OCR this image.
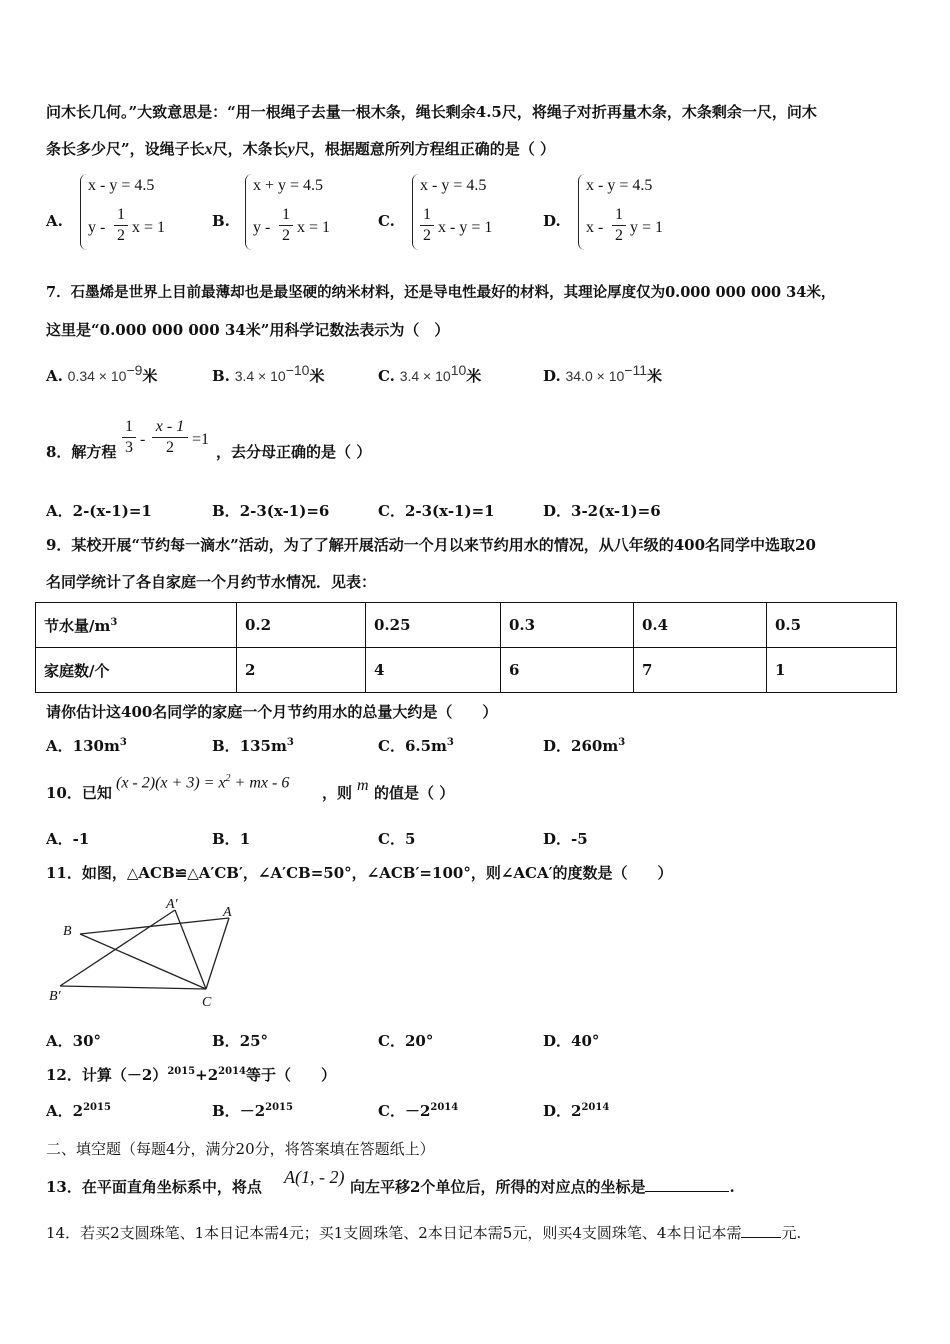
问木长几何。”大致意思是：“用一根绳子去量一根木条，绳长剩余4.5尺，将绳子对折再量木条，木条剩余一尺，问木
条长多少尺”，设绳子长x尺，木条长y尺，根据题意所列方程组正确的是（ ）
A.
x - y = 4.5
y -
1
2 x = 1	B.
x + y = 4.5
y -
1
2 x = 1	C.
x - y = 4.5
1
2 x - y = 1	D.
x - y = 4.5
x -
1
2 y = 1
7．石墨烯是世界上目前最薄却也是最坚硬的纳米材料，还是导电性最好的材料，其理论厚度仅为0.000 000 000 34米，
这里是“0.000 000 000 34米”用科学记数法表示为（　）
A. $0.34 \times 10^{-9}$米	B. $3.4 \times 10^{-10}$米	C. $3.4 \times 10^{10}$米	D. $34.0 \times 10^{-11}$米
8．解方程
1
3 -
x - 1
2	=1
，去分母正确的是（ ）
A．2-(x-1)=1	B．2-3(x-1)=6	C．2-3(x-1)=1	D．3-2(x-1)=6
9．某校开展“节约每一滴水”活动，为了了解开展活动一个月以来节约用水的情况，从八年级的400名同学中选取20
名同学统计了各自家庭一个月约节水情况．见表：
节水量$/m^3$	0.2	0.25	0.3	0.4	0.5
家庭数/个	2	4	6	7	1
请你估计这400名同学的家庭一个月节约用水的总量大约是（　　）
A．$130m^3$	B．$135m^3$	C．$6.5m^3$	D．$260m^3$
10．已知
$(x - 2)(x + 3) = x^2$ + mx - 6
，则 m 的值是（ ）
A．-1	B．1	C．5	D．-5
11．如图，△ACB≌△A′CB′，∠A′CB=50°，∠ACB′=100°，则∠ACA′的度数是（　　）
B
A′
A
B′	C
A．30°	B．25°	C．20°	D．40°
12．计算$(-2)^{2015}+2^{2014}$等于（　　）
A．$2^{2015}$	B．$-2^{2015}$	C．$-2^{2014}$	D．$2^{2014}$
二、填空题（每题4分，满分20分，将答案填在答题纸上）
13．在平面直角坐标系中，将点 A(1, - 2) 向左平移2个单位后，所得的对应点的坐标是	.
14．若买2支圆珠笔、1本日记本需4元；买1支圆珠笔、2本日记本需5元，则买4支圆珠笔、4本日记本需	元.
